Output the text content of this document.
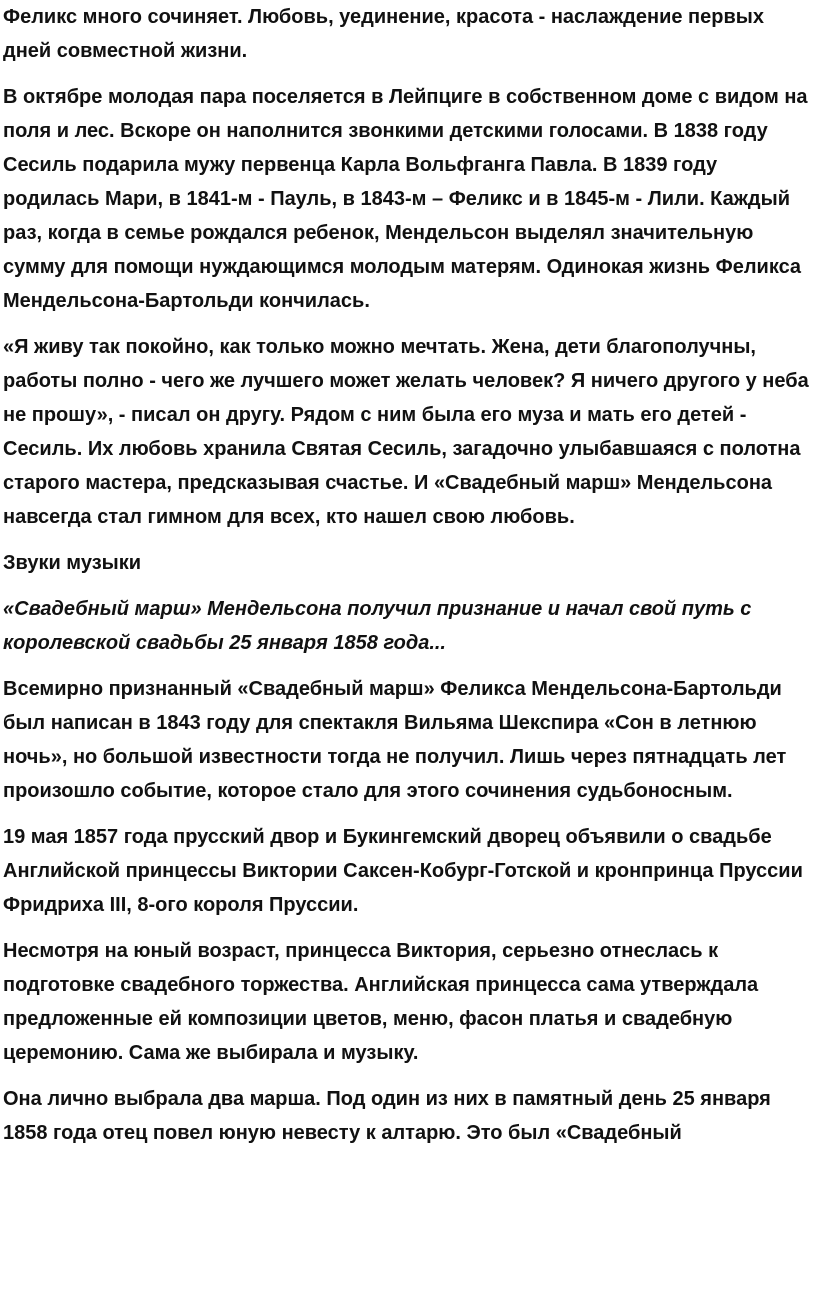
Феликс много сочиняет. Любовь, уединение, красота - наслаждение первых дней совместной жизни.

В октябре молодая пара поселяется в Лейпциге в собственном доме с видом на поля и лес. Вскоре он наполнится звонкими детскими голосами. В 1838 году Сесиль подарила мужу первенца Карла Вольфганга Павла. В 1839 году родилась Мари, в 1841-м - Пауль, в 1843-м – Феликс и в 1845-м - Лили. Каждый раз, когда в семье рождался ребенок, Мендельсон выделял значительную сумму для помощи нуждающимся молодым матерям. Одинокая жизнь Феликса Мендельсона-Бартольди кончилась.

«Я живу так покойно, как только можно мечтать. Жена, дети благополучны, работы полно - чего же лучшего может желать человек? Я ничего другого у неба не прошу», - писал он другу. Рядом с ним была его муза и мать его детей - Сесиль. Их любовь хранила Святая Сесиль, загадочно улыбавшаяся с полотна старого мастера, предсказывая счастье. И «Свадебный марш» Мендельсона навсегда стал гимном для всех, кто нашел свою любовь.

Звуки музыки

«Свадебный марш» Мендельсона получил признание и начал свой путь с королевской свадьбы 25 января 1858 года...

Всемирно признанный «Свадебный марш» Феликса Мендельсона-Бартольди был написан в 1843 году для спектакля Вильяма Шекспира «Сон в летнюю ночь», но большой известности тогда не получил. Лишь через пятнадцать лет произошло событие, которое стало для этого сочинения судьбоносным.

19 мая 1857 года прусский двор и Букингемский дворец объявили о свадьбе Английской принцессы Виктории Саксен-Кобург-Готской и кронпринца Пруссии Фридриха III, 8-ого короля Пруссии.

Несмотря на юный возраст, принцесса Виктория, серьезно отнеслась к подготовке свадебного торжества. Английская принцесса сама утверждала предложенные ей композиции цветов, меню, фасон платья и свадебную церемонию. Сама же выбирала и музыку.

Она лично выбрала два марша. Под один из них в памятный день 25 января 1858 года отец повел юную невесту к алтарю. Это был «Свадебный
